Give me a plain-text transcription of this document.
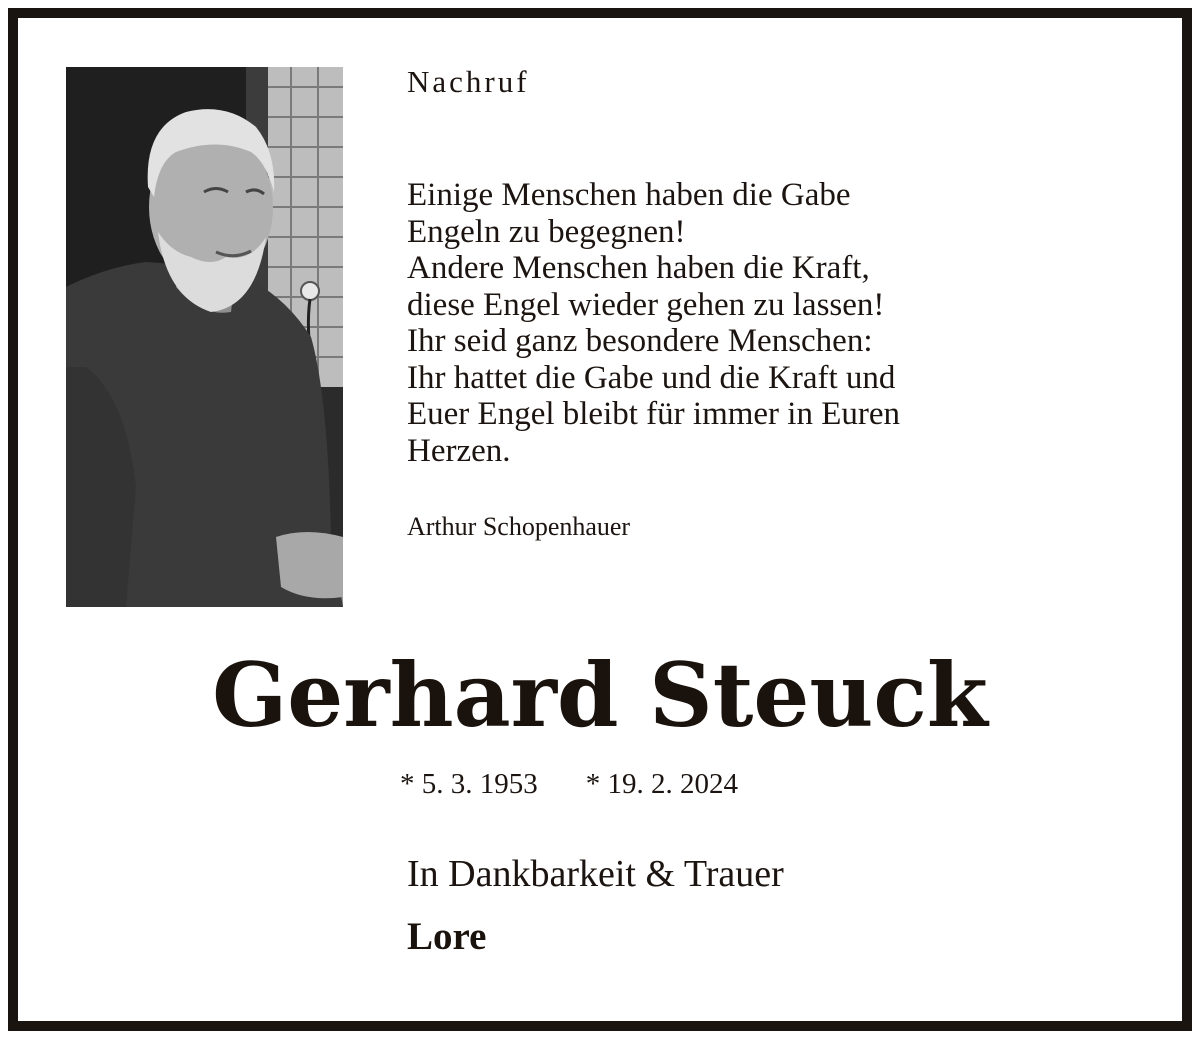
Nachruf
Einige Menschen haben die Gabe
Engeln zu begegnen!
Andere Menschen haben die Kraft,
diese Engel wieder gehen zu lassen!
Ihr seid ganz besondere Menschen:
Ihr hattet die Gabe und die Kraft und
Euer Engel bleibt für immer in Euren
Herzen.
Arthur Schopenhauer
Gerhard Steuck
* 5. 3. 1953 * 19. 2. 2024
In Dankbarkeit & Trauer
Lore
